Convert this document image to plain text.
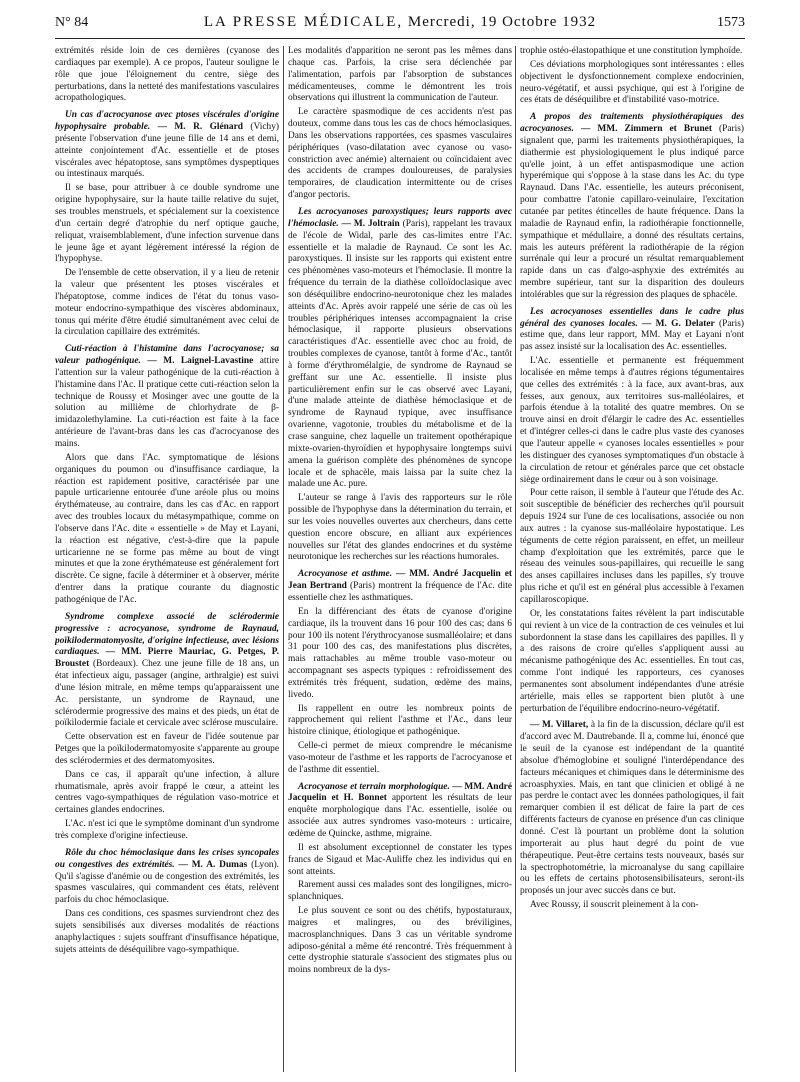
N° 84	LA PRESSE MÉDICALE, Mercredi, 19 Octobre 1932	1573

extrémités réside loin de ces dernières (cyanose des cardiaques par exemple). A ce propos, l'auteur souligne le rôle que joue l'éloignement du centre, siège des perturbations, dans la netteté des manifestations vasculaires acropathologiques.

Un cas d'acrocyanose avec ptoses viscérales d'origine hypophysaire probable. — M. R. Glénard (Vichy) présente l'observation d'une jeune fille de 14 ans et demi, atteinte conjointement d'Ac. essentielle et de ptoses viscérales avec hépatoptose, sans symptômes dyspeptiques ou intestinaux marqués.

Il se base, pour attribuer à ce double syndrome une origine hypophysaire, sur la haute taille relative du sujet, ses troubles menstruels, et spécialement sur la coexistence d'un certain degré d'atrophie du nerf optique gauche, reliquat, vraisemblablement, d'une infection survenue dans le jeune âge et ayant légèrement intéressé la région de l'hypophyse.

De l'ensemble de cette observation, il y a lieu de retenir la valeur que présentent les ptoses viscérales et l'hépatoptose, comme indices de l'état du tonus vaso-moteur endocrino-sympathique des viscères abdominaux, tonus qui mérite d'être étudié simultanément avec celui de la circulation capillaire des extrémités.

Cuti-réaction à l'histamine dans l'acrocyanose; sa valeur pathogénique. — M. Laignel-Lavastine attire l'attention sur la valeur pathogénique de la cuti-réaction à l'histamine dans l'Ac. Il pratique cette cuti-réaction selon la technique de Roussy et Mosinger avec une goutte de la solution au millième de chlorhydrate de β-imidazolethylamine. La cuti-réaction est faite à la face antérieure de l'avant-bras dans les cas d'acrocyanose des mains.

Alors que dans l'Ac. symptomatique de lésions organiques du poumon ou d'insuffisance cardiaque, la réaction est rapidement positive, caractérisée par une papule urticarienne entourée d'une aréole plus ou moins érythémateuse, au contraire, dans les cas d'Ac. en rapport avec des troubles locaux du métasympathique, comme on l'observe dans l'Ac. dite « essentielle » de May et Layani, la réaction est négative, c'est-à-dire que la papule urticarienne ne se forme pas même au bout de vingt minutes et que la zone érythémateuse est généralement fort discrète. Ce signe, facile à déterminer et à observer, mérite d'entrer dans la pratique courante du diagnostic pathogénique de l'Ac.

Syndrome complexe associé de sclérodermie progressive : acrocyanose, syndrome de Raynaud, poïkilodermatomyosite, d'origine infectieuse, avec lésions cardiaques. — MM. Pierre Mauriac, G. Petges, P. Broustet (Bordeaux). Chez une jeune fille de 18 ans, un état infectieux aigu, passager (angine, arthralgie) est suivi d'une lésion mitrale, en même temps qu'apparaissent une Ac. persistante, un syndrome de Raynaud, une sclérodermie progressive des mains et des pieds, un état de poïkilodermie faciale et cervicale avec sclérose musculaire.

Cette observation est en faveur de l'idée soutenue par Petges que la poïkilodermatomyosite s'apparente au groupe des sclérodermies et des dermatomyosites.

Dans ce cas, il apparaît qu'une infection, à allure rhumatismale, après avoir frappé le cœur, a atteint les centres vago-sympathiques de régulation vaso-motrice et certaines glandes endocrines.

L'Ac. n'est ici que le symptôme dominant d'un syndrome très complexe d'origine infectieuse.

Rôle du choc hémoclasique dans les crises syncopales ou congestives des extrémités. — M. A. Dumas (Lyon). Qu'il s'agisse d'anémie ou de congestion des extrémités, les spasmes vasculaires, qui commandent ces états, relèvent parfois du choc hémoclasique.

Dans ces conditions, ces spasmes surviendront chez des sujets sensibilisés aux diverses modalités de réactions anaphylactiques : sujets souffrant d'insuffisance hépatique, sujets atteints de déséquilibre vago-sympathique.

Les modalités d'apparition ne seront pas les mêmes dans chaque cas. Parfois, la crise sera déclenchée par l'alimentation, parfois par l'absorption de substances médicamenteuses, comme le démontrent les trois observations qui illustrent la communication de l'auteur.

Le caractère spasmodique de ces accidents n'est pas douteux, comme dans tous les cas de chocs hémoclasiques. Dans les observations rapportées, ces spasmes vasculaires périphériques (vaso-dilatation avec cyanose ou vaso-constriction avec anémie) alternaient ou coïncidaient avec des accidents de crampes douloureuses, de paralysies temporaires, de claudication intermittente ou de crises d'angor pectoris.

Les acrocyanoses paroxystiques; leurs rapports avec l'hémoclasie. — M. Joltrain (Paris), rappelant les travaux de l'école de Widal, parle des cas-limites entre l'Ac. essentielle et la maladie de Raynaud. Ce sont les Ac. paroxystiques. Il insiste sur les rapports qui existent entre ces phénomènes vaso-moteurs et l'hémoclasie. Il montre la fréquence du terrain de la diathèse colloïdoclasique avec son déséquilibre endocrino-neurotonique chez les malades atteints d'Ac. Après avoir rappelé une série de cas où les troubles périphériques intenses accompagnaient la crise hémoclasique, il rapporte plusieurs observations caractéristiques d'Ac. essentielle avec choc au froid, de troubles complexes de cyanose, tantôt à forme d'Ac., tantôt à forme d'érythromélalgie, de syndrome de Raynaud se greffant sur une Ac. essentielle. Il insiste plus particulièrement enfin sur le cas observé avec Layani, d'une malade atteinte de diathèse hémoclasique et de syndrome de Raynaud typique, avec insuffisance ovarienne, vagotonie, troubles du métabolisme et de la crase sanguine, chez laquelle un traitement opothérapique mixte-ovarien-thyroïdien et hypophysaire longtemps suivi amena la guérison complète des phénomènes de syncope locale et de sphacèle, mais laissa par la suite chez la malade une Ac. pure.

L'auteur se range à l'avis des rapporteurs sur le rôle possible de l'hypophyse dans la détermination du terrain, et sur les voies nouvelles ouvertes aux chercheurs, dans cette question encore obscure, en alliant aux expériences nouvelles sur l'état des glandes endocrines et du système neurotonique les recherches sur les réactions humorales.

Acrocyanose et asthme. — MM. André Jacquelin et Jean Bertrand (Paris) montrent la fréquence de l'Ac. dite essentielle chez les asthmatiques.

En la différenciant des états de cyanose d'origine cardiaque, ils la trouvent dans 16 pour 100 des cas; dans 6 pour 100 ils notent l'érythrocyanose susmalléolaire; et dans 31 pour 100 des cas, des manifestations plus discrètes, mais rattachables au même trouble vaso-moteur ou accompagnant ses aspects typiques : refroidissement des extrémités très fréquent, sudation, œdème des mains, livedo.

Ils rappellent en outre les nombreux points de rapprochement qui relient l'asthme et l'Ac., dans leur histoire clinique, étiologique et pathogénique.

Celle-ci permet de mieux comprendre le mécanisme vaso-moteur de l'asthme et les rapports de l'acrocyanose et de l'asthme dit essentiel.

Acrocyanose et terrain morphologique. — MM. André Jacquelin et H. Bonnet apportent les résultats de leur enquête morphologique dans l'Ac. essentielle, isolée ou associée aux autres syndromes vaso-moteurs : urticaire, œdème de Quincke, asthme, migraine.

Il est absolument exceptionnel de constater les types francs de Sigaud et Mac-Auliffe chez les individus qui en sont atteints.

Rarement aussi ces malades sont des longilignes, micro-splanchniques.

Le plus souvent ce sont ou des chétifs, hypostaturaux, maigres et malingres, ou des bréviligines, macrosplanchniques. Dans 3 cas un véritable syndrome adiposo-génital a même été rencontré. Très fréquemment à cette dystrophie staturale s'associent des stigmates plus ou moins nombreux de la dys-

trophie ostéo-élastopathique et une constitution lymphoïde.

Ces déviations morphologiques sont intéressantes : elles objectivent le dysfonctionnement complexe endocrinien, neuro-végétatif, et aussi psychique, qui est à l'origine de ces états de déséquilibre et d'instabilité vaso-motrice.

A propos des traitements physiothérapiques des acrocyanoses. — MM. Zimmern et Brunet (Paris) signalent que, parmi les traitements physiothérapiques, la diathermie est physiologiquement le plus indiqué parce qu'elle joint, à un effet antispasmodique une action hyperémique qui s'oppose à la stase dans les Ac. du type Raynaud. Dans l'Ac. essentielle, les auteurs préconisent, pour combattre l'atonie capillaro-veinulaire, l'excitation cutanée par petites étincelles de haute fréquence. Dans la maladie de Raynaud enfin, la radiothérapie fonctionnelle, sympathique et médullaire, a donné des résultats certains, mais les auteurs préfèrent la radiothérapie de la région surrénale qui leur a procuré un résultat remarquablement rapide dans un cas d'algo-asphyxie des extrémités au membre supérieur, tant sur la disparition des douleurs intolérables que sur la régression des plaques de sphacèle.

Les acrocyanoses essentielles dans le cadre plus général des cyanoses locales. — M. G. Delater (Paris) estime que, dans leur rapport, MM. May et Layani n'ont pas assez insisté sur la localisation des Ac. essentielles.

L'Ac. essentielle et permanente est fréquemment localisée en même temps à d'autres régions tégumentaires que celles des extrémités : à la face, aux avant-bras, aux fesses, aux genoux, aux territoires sus-malléolaires, et parfois étendue à la totalité des quatre membres. On se trouve ainsi en droit d'élargir le cadre des Ac. essentielles et d'intégrer celles-ci dans le cadre plus vaste des cyanoses que l'auteur appelle « cyanoses locales essentielles » pour les distinguer des cyanoses symptomatiques d'un obstacle à la circulation de retour et générales parce que cet obstacle siège ordinairement dans le cœur ou à son voisinage.

Pour cette raison, il semble à l'auteur que l'étude des Ac. soit susceptible de bénéficier des recherches qu'il poursuit depuis 1924 sur l'une de ces localisations, associée ou non aux autres : la cyanose sus-malléolaire hypostatique. Les téguments de cette région paraissent, en effet, un meilleur champ d'exploitation que les extrémités, parce que le réseau des veinules sous-papillaires, qui recueille le sang des anses capillaires incluses dans les papilles, s'y trouve plus riche et qu'il est en général plus accessible à l'examen capillaroscopique.

Or, les constatations faites révèlent la part indiscutable qui revient à un vice de la contraction de ces veinules et lui subordonnent la stase dans les capillaires des papilles. Il y a des raisons de croire qu'elles s'appliquent aussi au mécanisme pathogénique des Ac. essentielles. En tout cas, comme l'ont indiqué les rapporteurs, ces cyanoses permanentes sont absolument indépendantes d'une atrésie artérielle, mais elles se rapportent bien plutôt à une perturbation de l'équilibre endocrino-neuro-végétatif.

— M. Villaret, à la fin de la discussion, déclare qu'il est d'accord avec M. Dautrebande. Il a, comme lui, énoncé que le seuil de la cyanose est indépendant de la quantité absolue d'hémoglobine et souligné l'interdépendance des facteurs mécaniques et chimiques dans le déterminisme des acroasphyxies. Mais, en tant que clinicien et obligé à ne pas perdre le contact avec les données pathologiques, il fait remarquer combien il est délicat de faire la part de ces différents facteurs de cyanose en présence d'un cas clinique donné. C'est là pourtant un problème dont la solution importerait au plus haut degré du point de vue thérapeutique. Peut-être certains tests nouveaux, basés sur la spectrophotométrie, la microanalyse du sang capillaire ou les effets de certains photosensibilisateurs, seront-ils proposés un jour avec succès dans ce but.

Avec Roussy, il souscrit pleinement à la con-
